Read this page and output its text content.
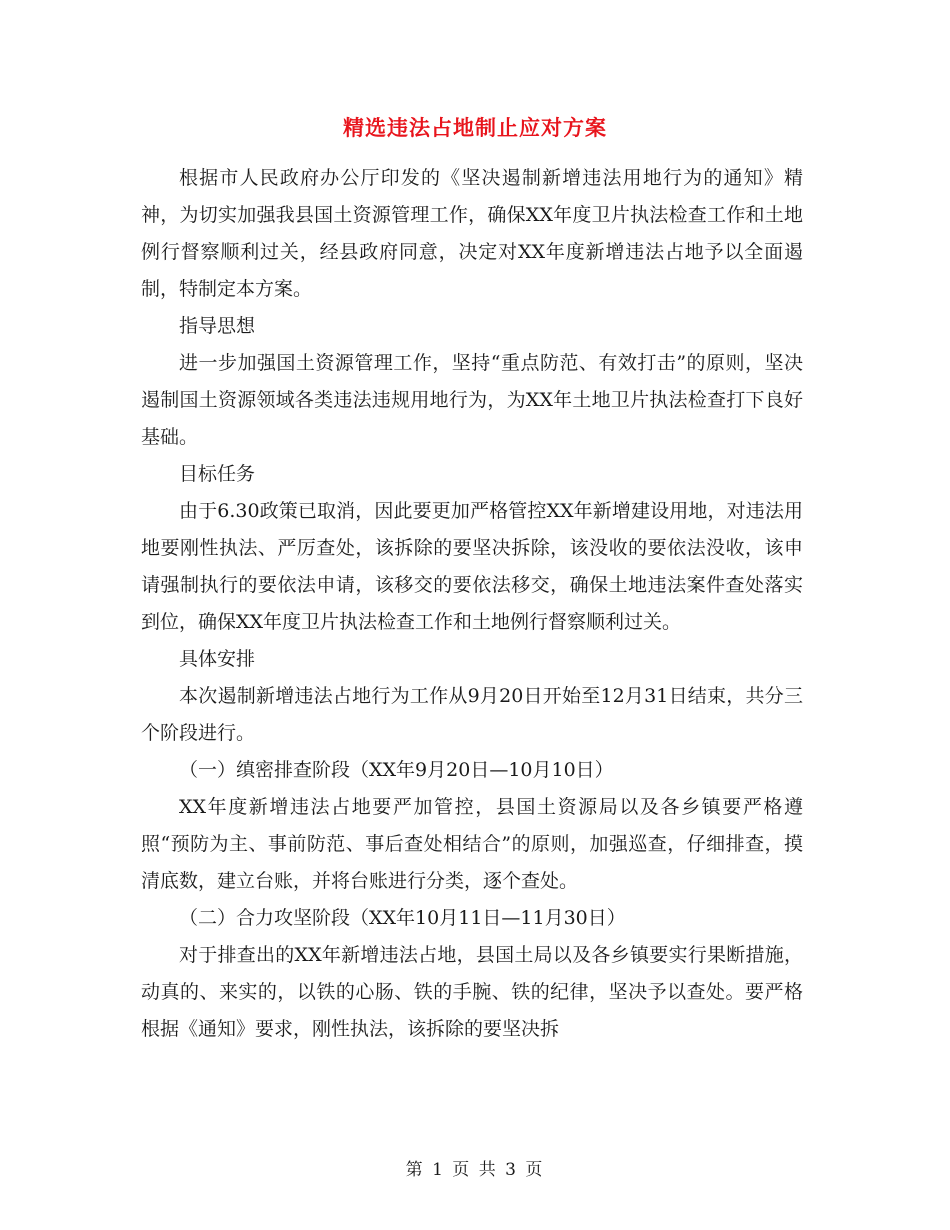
精选违法占地制止应对方案

根据市人民政府办公厅印发的《坚决遏制新增违法用地行为的通知》精神，为切实加强我县国土资源管理工作，确保XX年度卫片执法检查工作和土地例行督察顺利过关，经县政府同意，决定对XX年度新增违法占地予以全面遏制，特制定本方案。

指导思想

进一步加强国土资源管理工作，坚持“重点防范、有效打击”的原则，坚决遏制国土资源领域各类违法违规用地行为，为XX年土地卫片执法检查打下良好基础。

目标任务

由于6.30政策已取消，因此要更加严格管控XX年新增建设用地，对违法用地要刚性执法、严厉查处，该拆除的要坚决拆除，该没收的要依法没收，该申请强制执行的要依法申请，该移交的要依法移交，确保土地违法案件查处落实到位，确保XX年度卫片执法检查工作和土地例行督察顺利过关。

具体安排

本次遏制新增违法占地行为工作从9月20日开始至12月31日结束，共分三个阶段进行。

（一）缜密排查阶段（XX年9月20日—10月10日）

XX年度新增违法占地要严加管控，县国土资源局以及各乡镇要严格遵照“预防为主、事前防范、事后查处相结合”的原则，加强巡查，仔细排查，摸清底数，建立台账，并将台账进行分类，逐个查处。

（二）合力攻坚阶段（XX年10月11日—11月30日）

对于排查出的XX年新增违法占地，县国土局以及各乡镇要实行果断措施，动真的、来实的，以铁的心肠、铁的手腕、铁的纪律，坚决予以查处。要严格根据《通知》要求，刚性执法，该拆除的要坚决拆

第 1 页 共 3 页
